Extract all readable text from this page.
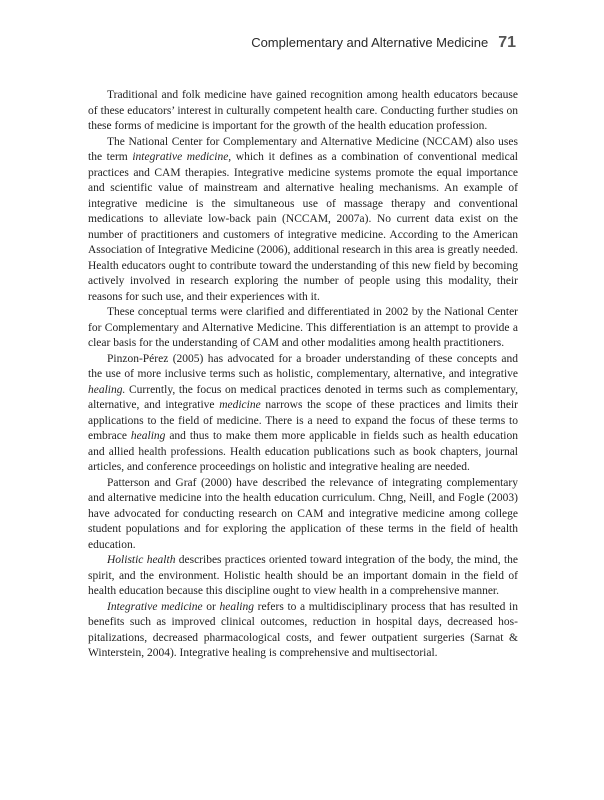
Complementary and Alternative Medicine 71

Traditional and folk medicine have gained recognition among health educators because of these educators’ interest in culturally competent health care. Conducting further studies on these forms of medicine is important for the growth of the health education profession.

The National Center for Complementary and Alternative Medicine (NCCAM) also uses the term integrative medicine, which it defines as a combination of conventional medical practices and CAM therapies. Integrative medicine systems promote the equal importance and scientific value of mainstream and alternative healing mechanisms. An example of integrative medicine is the simultaneous use of massage therapy and conventional medications to alleviate low-back pain (NCCAM, 2007a). No current data exist on the number of practitioners and customers of integrative medicine. According to the American Association of Integrative Medicine (2006), additional research in this area is greatly needed. Health educators ought to contribute toward the understanding of this new field by becoming actively involved in research exploring the number of people using this modality, their reasons for such use, and their experiences with it.

These conceptual terms were clarified and differentiated in 2002 by the National Center for Complementary and Alternative Medicine. This differentiation is an attempt to provide a clear basis for the understanding of CAM and other modalities among health practitioners.

Pinzon-Pérez (2005) has advocated for a broader understanding of these concepts and the use of more inclusive terms such as holistic, complementary, alternative, and integrative healing. Currently, the focus on medical practices denoted in terms such as complementary, alternative, and integrative medicine narrows the scope of these practices and limits their applications to the field of medicine. There is a need to expand the focus of these terms to embrace healing and thus to make them more applicable in fields such as health education and allied health professions. Health education publications such as book chapters, journal articles, and conference proceedings on holistic and integrative healing are needed.

Patterson and Graf (2000) have described the relevance of integrating complementary and alternative medicine into the health education curriculum. Chng, Neill, and Fogle (2003) have advocated for conducting research on CAM and integrative medicine among college student populations and for exploring the application of these terms in the field of health education.

Holistic health describes practices oriented toward integration of the body, the mind, the spirit, and the environment. Holistic health should be an important domain in the field of health education because this discipline ought to view health in a comprehensive manner.

Integrative medicine or healing refers to a multidisciplinary process that has resulted in benefits such as improved clinical outcomes, reduction in hospital days, decreased hospitalizations, decreased pharmacological costs, and fewer outpatient surgeries (Sarnat & Winterstein, 2004). Integrative healing is comprehensive and multisectorial.
